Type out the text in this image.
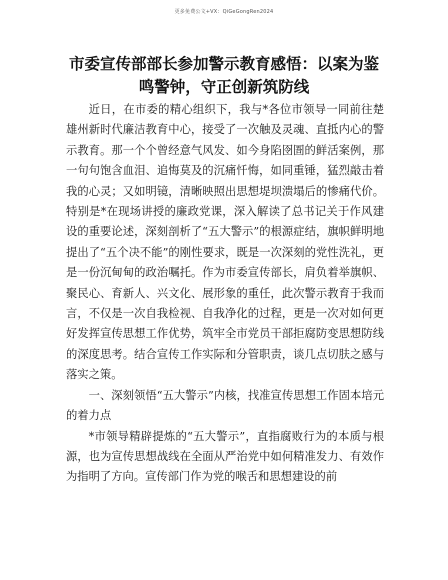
更多免费公文+VX：QiGeGongRen2024
市委宣传部部长参加警示教育感悟：以案为鉴鸣警钟，守正创新筑防线

近日，在市委的精心组织下，我与*各位市领导一同前往楚雄州新时代廉洁教育中心，接受了一次触及灵魂、直抵内心的警示教育。那一个个曾经意气风发、如今身陷囹圄的鲜活案例，那一句句饱含血泪、追悔莫及的沉痛忏悔，如同重锤，猛烈敲击着我的心灵；又如明镜，清晰映照出思想堤坝溃塌后的惨痛代价。特别是*在现场讲授的廉政党课，深入解读了总书记关于作风建设的重要论述，深刻剖析了“五大警示”的根源症结，旗帜鲜明地提出了“五个决不能”的刚性要求，既是一次深刻的党性洗礼，更是一份沉甸甸的政治嘱托。作为市委宣传部长，肩负着举旗帜、聚民心、育新人、兴文化、展形象的重任，此次警示教育于我而言，不仅是一次自我检视、自我净化的过程，更是一次对如何更好发挥宣传思想工作优势，筑牢全市党员干部拒腐防变思想防线的深度思考。结合宣传工作实际和分管职责，谈几点切肤之感与落实之策。

一、深刻领悟“五大警示”内核，找准宣传思想工作固本培元的着力点

*市领导精辟提炼的“五大警示”，直指腐败行为的本质与根源，也为宣传思想战线在全面从严治党中如何精准发力、有效作为指明了方向。宣传部门作为党的喉舌和思想建设的前
